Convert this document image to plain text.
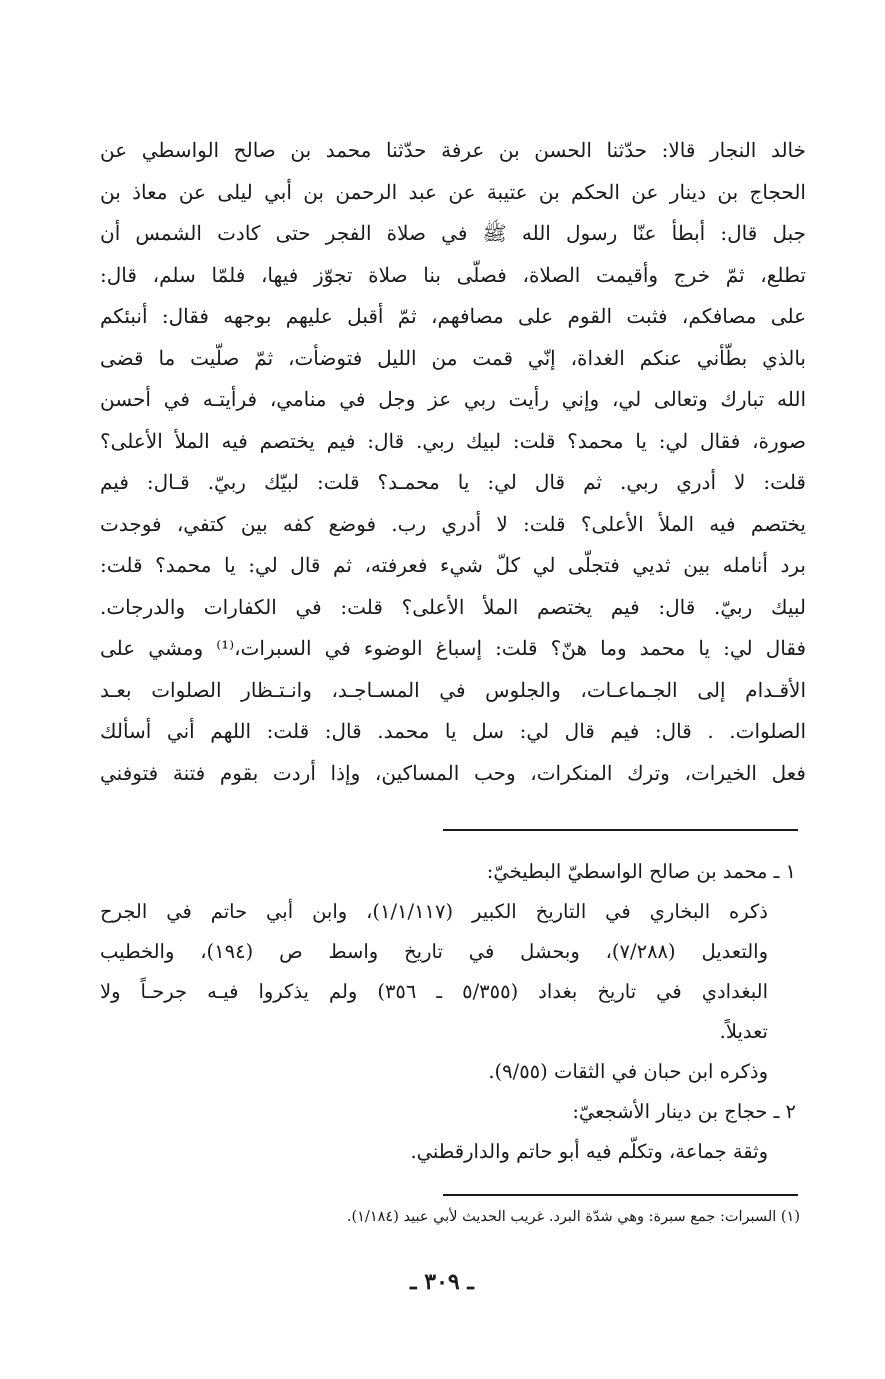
خالد النجار قالا: حدّثنا الحسن بن عرفة حدّثنا محمد بن صالح الواسطي عن
الحجاج بن دينار عن الحكم بن عتيبة عن عبد الرحمن بن أبي ليلى عن معاذ بن
جبل قال: أبطأ عنّا رسول الله ﷺ في صلاة الفجر حتى كادت الشمس أن
تطلع، ثمّ خرج وأقيمت الصلاة، فصلّى بنا صلاة تجوّز فيها، فلمّا سلم، قال:
على مصافكم، فثبت القوم على مصافهم، ثمّ أقبل عليهم بوجهه فقال: أنبئكم
بالذي بطّأني عنكم الغداة، إنّي قمت من الليل فتوضأت، ثمّ صلّيت ما قضى
الله تبارك وتعالى لي، وإني رأيت ربي عز وجل في منامي، فرأيتـه في أحسن
صورة، فقال لي: يا محمد؟ قلت: لبيك ربي. قال: فيم يختصم فيه الملأ الأعلى؟
قلت: لا أدري ربي. ثم قال لي: يا محمـد؟ قلت: لبيّك ربيّ. قـال: فيم
يختصم فيه الملأ الأعلى؟ قلت: لا أدري رب. فوضع كفه بين كتفي، فوجدت
برد أنامله بين ثديي فتجلّى لي كلّ شيء فعرفته، ثم قال لي: يا محمد؟ قلت:
لبيك ربيّ. قال: فيم يختصم الملأ الأعلى؟ قلت: في الكفارات والدرجات.
فقال لي: يا محمد وما هنّ؟ قلت: إسباغ الوضوء في السبرات،⁽¹⁾ ومشي على
الأقـدام إلى الجـماعـات، والجلوس في المسـاجـد، وانـتـظار الصلوات بعـد
الصلوات. . قال: فيم قال لي: سل يا محمد. قال: قلت: اللهم أني أسألك
فعل الخيرات، وترك المنكرات، وحب المساكين، وإذا أردت بقوم فتنة فتوفني
١ ـ محمد بن صالح الواسطيّ البطيخيّ:
ذكره البخاري في التاريخ الكبير (١/١/١١٧)، وابن أبي حاتم في الجرح
والتعديل (٧/٢٨٨)، وبحشل في تاريخ واسط ص (١٩٤)، والخطيب
البغدادي في تاريخ بغداد (٥/٣٥٥ ـ ٣٥٦) ولم يذكروا فيـه جرحـاً ولا
تعديلاً.
وذكره ابن حبان في الثقات (٩/٥٥).
٢ ـ حجاج بن دينار الأشجعيّ:
وثقة جماعة، وتكلّم فيه أبو حاتم والدارقطني.
(١) السبرات: جمع سبرة: وهي شدّة البرد. غريب الحديث لأبي عبيد (١/١٨٤).
ـ ٣٠٩ ـ
